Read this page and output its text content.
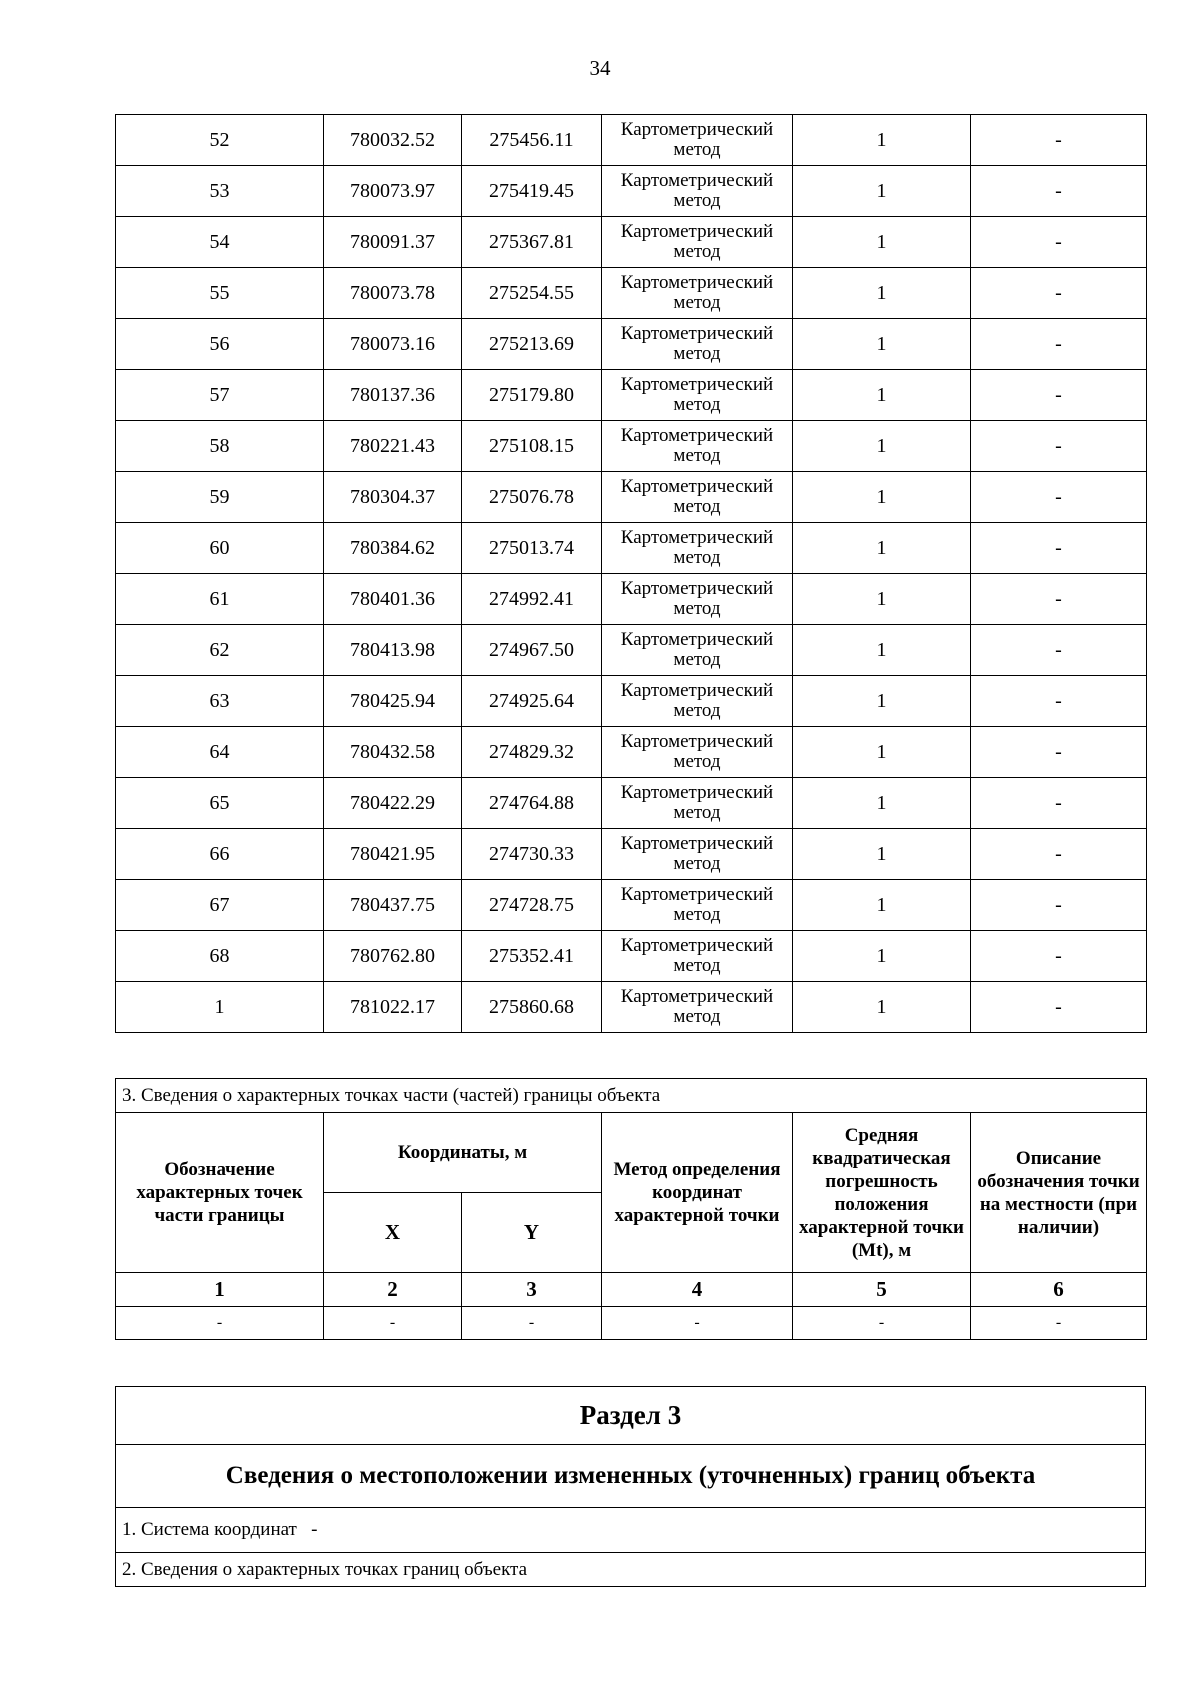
34
52	780032.52	275456.11	Картометрический метод	1	-
53	780073.97	275419.45	Картометрический метод	1	-
54	780091.37	275367.81	Картометрический метод	1	-
55	780073.78	275254.55	Картометрический метод	1	-
56	780073.16	275213.69	Картометрический метод	1	-
57	780137.36	275179.80	Картометрический метод	1	-
58	780221.43	275108.15	Картометрический метод	1	-
59	780304.37	275076.78	Картометрический метод	1	-
60	780384.62	275013.74	Картометрический метод	1	-
61	780401.36	274992.41	Картометрический метод	1	-
62	780413.98	274967.50	Картометрический метод	1	-
63	780425.94	274925.64	Картометрический метод	1	-
64	780432.58	274829.32	Картометрический метод	1	-
65	780422.29	274764.88	Картометрический метод	1	-
66	780421.95	274730.33	Картометрический метод	1	-
67	780437.75	274728.75	Картометрический метод	1	-
68	780762.80	275352.41	Картометрический метод	1	-
1	781022.17	275860.68	Картометрический метод	1	-
3. Сведения о характерных точках части (частей) границы объекта					
Обозначение характерных точек части границы	Координаты, м		Метод определения координат характерной точки	Средняя квадратическая погрешность положения характерной точки (Mt), м	Описание обозначения точки на местности (при наличии)
	X	Y			
1	2	3	4	5	6
-	-	-	-	-	-
Раздел 3
Сведения о местоположении измененных (уточненных) границ объекта
1. Система координат -
2. Сведения о характерных точках границ объекта
